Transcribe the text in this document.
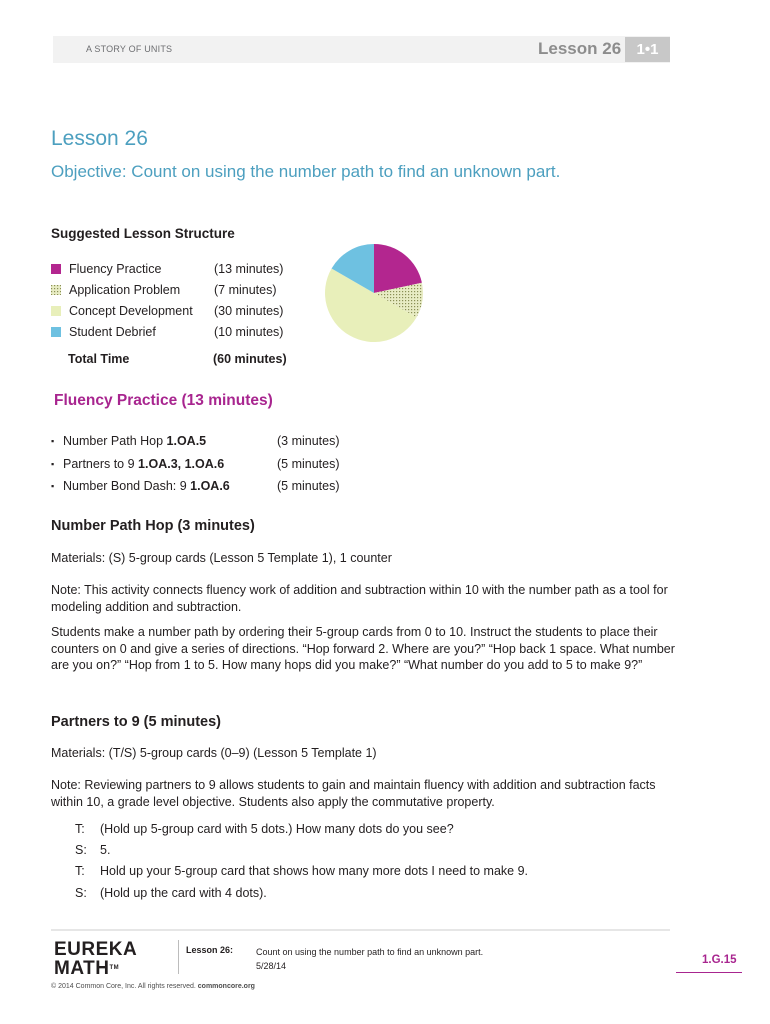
A STORY OF UNITS	Lesson 26	1•1
Lesson 26
Objective: Count on using the number path to find an unknown part.
Suggested Lesson Structure
Fluency Practice	(13 minutes)
Application Problem	(7 minutes)
Concept Development	(30 minutes)
Student Debrief	(10 minutes)
Total Time	(60 minutes)
Fluency Practice (13 minutes)
▪ Number Path Hop 1.OA.5	(3 minutes)
▪ Partners to 9 1.OA.3, 1.OA.6	(5 minutes)
▪ Number Bond Dash: 9 1.OA.6	(5 minutes)
Number Path Hop (3 minutes)
Materials: (S) 5-group cards (Lesson 5 Template 1), 1 counter
Note: This activity connects fluency work of addition and subtraction within 10 with the number path as a tool for modeling addition and subtraction.
Students make a number path by ordering their 5-group cards from 0 to 10. Instruct the students to place their counters on 0 and give a series of directions. “Hop forward 2. Where are you?” “Hop back 1 space. What number are you on?” “Hop from 1 to 5. How many hops did you make?” “What number do you add to 5 to make 9?”
Partners to 9 (5 minutes)
Materials: (T/S) 5-group cards (0–9) (Lesson 5 Template 1)
Note: Reviewing partners to 9 allows students to gain and maintain fluency with addition and subtraction facts within 10, a grade level objective. Students also apply the commutative property.
T:	(Hold up 5-group card with 5 dots.) How many dots do you see?
S:	5.
T:	Hold up your 5-group card that shows how many more dots I need to make 9.
S:	(Hold up the card with 4 dots).
EUREKA
MATH™
Lesson 26:	Count on using the number path to find an unknown part.
5/28/14	1.G.15
© 2014 Common Core, Inc. All rights reserved. commoncore.org
